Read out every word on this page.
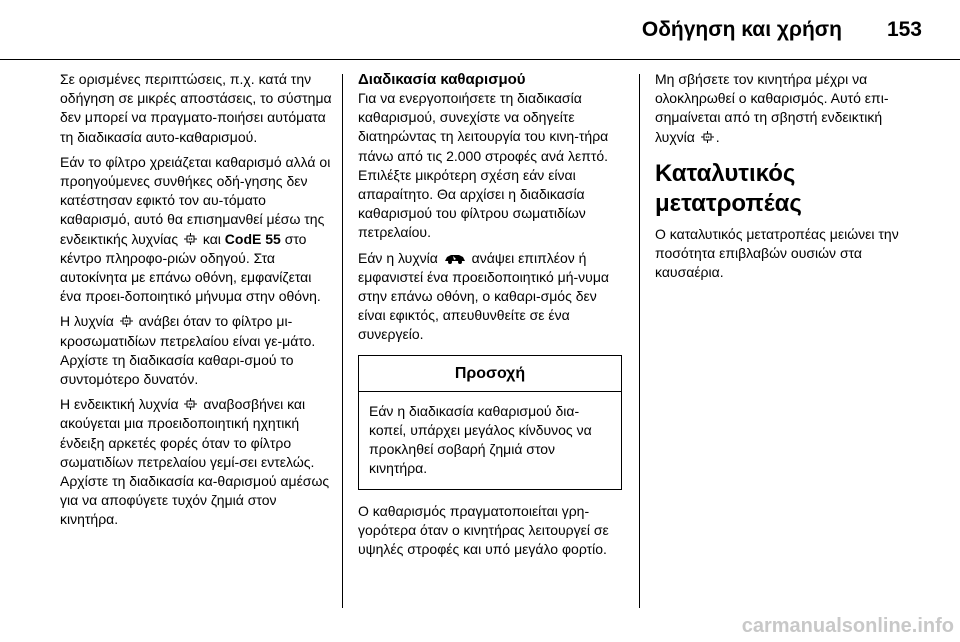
Οδήγηση και χρήση 153

Σε ορισμένες περιπτώσεις, π.χ. κατά την οδήγηση σε μικρές αποστάσεις, το σύστημα δεν μπορεί να πραγματο-ποιήσει αυτόματα τη διαδικασία αυτο-καθαρισμού.

Εάν το φίλτρο χρειάζεται καθαρισμό αλλά οι προηγούμενες συνθήκες οδή-γησης δεν κατέστησαν εφικτό τον αυ-τόματο καθαρισμό, αυτό θα επισημανθεί μέσω της ενδεικτικής λυχνίας και CodE 55 στο κέντρο πληροφο-ριών οδηγού. Στα αυτοκίνητα με επάνω οθόνη, εμφανίζεται ένα προει-δοποιητικό μήνυμα στην οθόνη.

Η λυχνία ανάβει όταν το φίλτρο μι-κροσωματιδίων πετρελαίου είναι γε-μάτο. Αρχίστε τη διαδικασία καθαρι-σμού το συντομότερο δυνατόν.

Η ενδεικτική λυχνία αναβοσβήνει και ακούγεται μια προειδοποιητική ηχητική ένδειξη αρκετές φορές όταν το φίλτρο σωματιδίων πετρελαίου γεμί-σει εντελώς. Αρχίστε τη διαδικασία κα-θαρισμού αμέσως για να αποφύγετε τυχόν ζημιά στον κινητήρα.

Διαδικασία καθαρισμού

Για να ενεργοποιήσετε τη διαδικασία καθαρισμού, συνεχίστε να οδηγείτε διατηρώντας τη λειτουργία του κινη-τήρα πάνω από τις 2.000 στροφές ανά λεπτό. Επιλέξτε μικρότερη σχέση εάν είναι απαραίτητο. Θα αρχίσει η διαδικασία καθαρισμού του φίλτρου σωματιδίων πετρελαίου.

Εάν η λυχνία ανάψει επιπλέον ή εμφανιστεί ένα προειδοποιητικό μή-νυμα στην επάνω οθόνη, ο καθαρι-σμός δεν είναι εφικτός, απευθυνθείτε σε ένα συνεργείο.

Προσοχή
Εάν η διαδικασία καθαρισμού δια-κοπεί, υπάρχει μεγάλος κίνδυνος να προκληθεί σοβαρή ζημιά στον κινητήρα.

Ο καθαρισμός πραγματοποιείται γρη-γορότερα όταν ο κινητήρας λειτουργεί σε υψηλές στροφές και υπό μεγάλο φορτίο.

Μη σβήσετε τον κινητήρα μέχρι να ολοκληρωθεί ο καθαρισμός. Αυτό επι-σημαίνεται από τη σβηστή ενδεικτική λυχνία .

Καταλυτικός μετατροπέας

Ο καταλυτικός μετατροπέας μειώνει την ποσότητα επιβλαβών ουσιών στα καυσαέρια.

carmanualsonline.info
